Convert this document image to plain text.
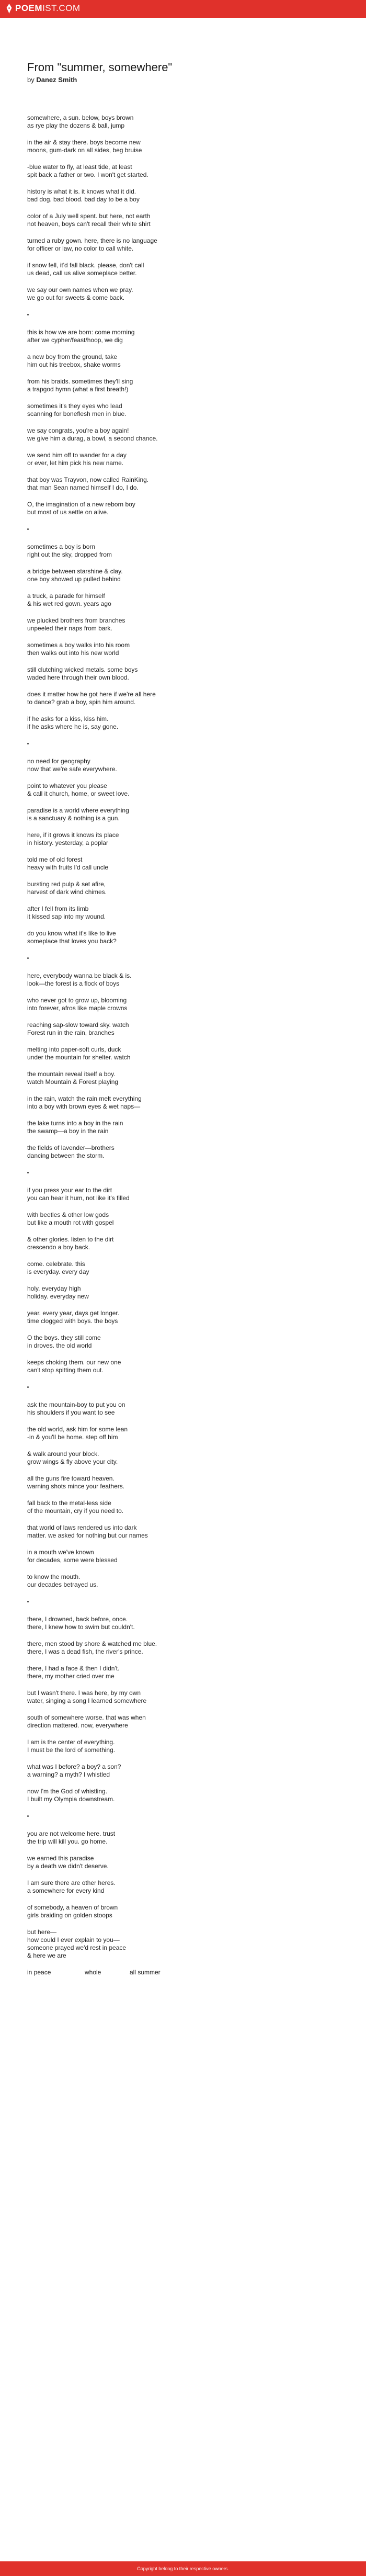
POEMIST.COM
From "summer, somewhere"
by Danez Smith
somewhere, a sun. below, boys brown
as rye play the dozens & ball, jump
in the air & stay there. boys become new
moons, gum-dark on all sides, beg bruise
-blue water to fly, at least tide, at least
spit back a father or two. I won't get started.
history is what it is. it knows what it did.
bad dog. bad blood. bad day to be a boy
color of a July well spent. but here, not earth
not heaven, boys can't recall their white shirt
turned a ruby gown. here, there is no language
for officer or law, no color to call white.
if snow fell, it'd fall black. please, don't call
us dead, call us alive someplace better.
we say our own names when we pray.
we go out for sweets & come back.
this is how we are born: come morning
after we cypher/feast/hoop, we dig
a new boy from the ground, take
him out his treebox, shake worms
from his braids. sometimes they'll sing
a trapgod hymn (what a first breath!)
sometimes it's they eyes who lead
scanning for boneflesh men in blue.
we say congrats, you're a boy again!
we give him a durag, a bowl, a second chance.
we send him off to wander for a day
or ever, let him pick his new name.
that boy was Trayvon, now called RainKing.
that man Sean named himself I do, I do.
O, the imagination of a new reborn boy
but most of us settle on alive.
sometimes a boy is born
right out the sky, dropped from
a bridge between starshine & clay.
one boy showed up pulled behind
a truck, a parade for himself
& his wet red gown. years ago
we plucked brothers from branches
unpeeled their naps from bark.
sometimes a boy walks into his room
then walks out into his new world
still clutching wicked metals. some boys
waded here through their own blood.
does it matter how he got here if we're all here
to dance? grab a boy, spin him around.
if he asks for a kiss, kiss him.
if he asks where he is, say gone.
no need for geography
now that we're safe everywhere.
point to whatever you please
& call it church, home, or sweet love.
paradise is a world where everything
is a sanctuary & nothing is a gun.
here, if it grows it knows its place
in history. yesterday, a poplar
told me of old forest
heavy with fruits I'd call uncle
bursting red pulp & set afire,
harvest of dark wind chimes.
after I fell from its limb
it kissed sap into my wound.
do you know what it's like to live
someplace that loves you back?
here, everybody wanna be black & is.
look—the forest is a flock of boys
who never got to grow up, blooming
into forever, afros like maple crowns
reaching sap-slow toward sky. watch
Forest run in the rain, branches
melting into paper-soft curls, duck
under the mountain for shelter. watch
the mountain reveal itself a boy.
watch Mountain & Forest playing
in the rain, watch the rain melt everything
into a boy with brown eyes & wet naps—
the lake turns into a boy in the rain
the swamp—a boy in the rain
the fields of lavender—brothers
dancing between the storm.
if you press your ear to the dirt
you can hear it hum, not like it's filled
with beetles & other low gods
but like a mouth rot with gospel
& other glories. listen to the dirt
crescendo a boy back.
come. celebrate. this
is everyday. every day
holy. everyday high
holiday. everyday new
year. every year, days get longer.
time clogged with boys. the boys
O the boys. they still come
in droves. the old world
keeps choking them. our new one
can't stop spitting them out.
ask the mountain-boy to put you on
his shoulders if you want to see
the old world, ask him for some lean
-in & you'll be home. step off him
& walk around your block.
grow wings & fly above your city.
all the guns fire toward heaven.
warning shots mince your feathers.
fall back to the metal-less side
of the mountain, cry if you need to.
that world of laws rendered us into dark
matter. we asked for nothing but our names
in a mouth we've known
for decades, some were blessed
to know the mouth.
our decades betrayed us.
there, I drowned, back before, once.
there, I knew how to swim but couldn't.
there, men stood by shore & watched me blue.
there, I was a dead fish, the river's prince.
there, I had a face & then I didn't.
there, my mother cried over me
but I wasn't there. I was here, by my own
water, singing a song I learned somewhere
south of somewhere worse. that was when
direction mattered. now, everywhere
I am is the center of everything.
I must be the lord of something.
what was I before? a boy? a son?
a warning? a myth? I whistled
now I'm the God of whistling.
I built my Olympia downstream.
you are not welcome here. trust
the trip will kill you. go home.
we earned this paradise
by a death we didn't deserve.
I am sure there are other heres.
a somewhere for every kind
of somebody, a heaven of brown
girls braiding on golden stoops
but here—
how could I ever explain to you—
someone prayed we'd rest in peace
& here we are
in peace	whole	all summer
Copyright belong to their respective owners.
